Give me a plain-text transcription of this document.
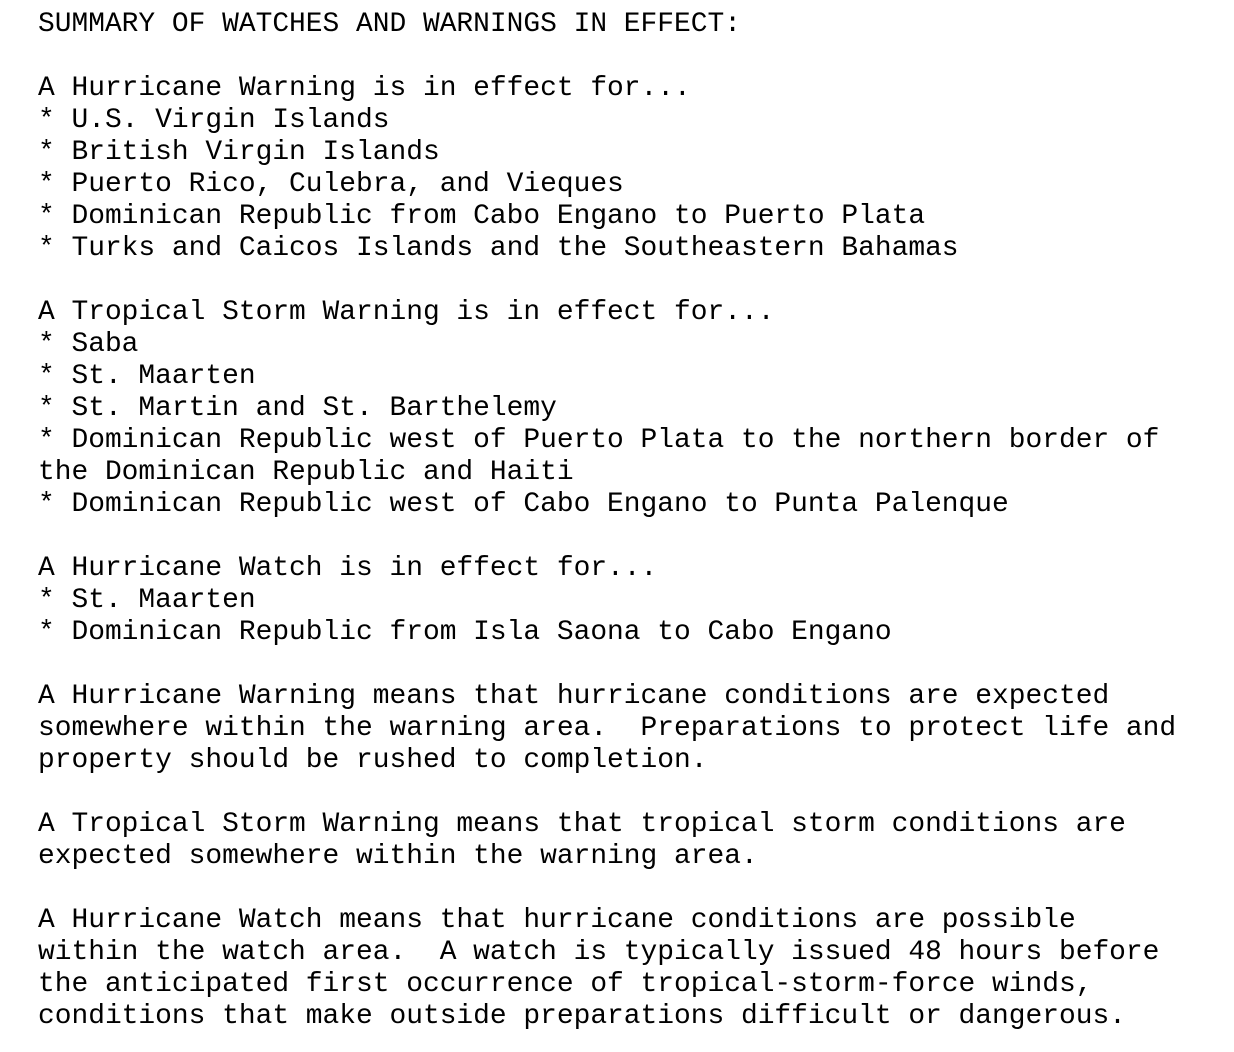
SUMMARY OF WATCHES AND WARNINGS IN EFFECT:

A Hurricane Warning is in effect for...

* U.S. Virgin Islands

* British Virgin Islands

* Puerto Rico, Culebra, and Vieques

* Dominican Republic from Cabo Engano to Puerto Plata

* Turks and Caicos Islands and the Southeastern Bahamas

A Tropical Storm Warning is in effect for...

* Saba

* St. Maarten

* St. Martin and St. Barthelemy

* Dominican Republic west of Puerto Plata to the northern border of

the Dominican Republic and Haiti

* Dominican Republic west of Cabo Engano to Punta Palenque

A Hurricane Watch is in effect for...

* St. Maarten

* Dominican Republic from Isla Saona to Cabo Engano

A Hurricane Warning means that hurricane conditions are expected

somewhere within the warning area.  Preparations to protect life and

property should be rushed to completion.

A Tropical Storm Warning means that tropical storm conditions are

expected somewhere within the warning area.

A Hurricane Watch means that hurricane conditions are possible

within the watch area.  A watch is typically issued 48 hours before

the anticipated first occurrence of tropical-storm-force winds,

conditions that make outside preparations difficult or dangerous.
